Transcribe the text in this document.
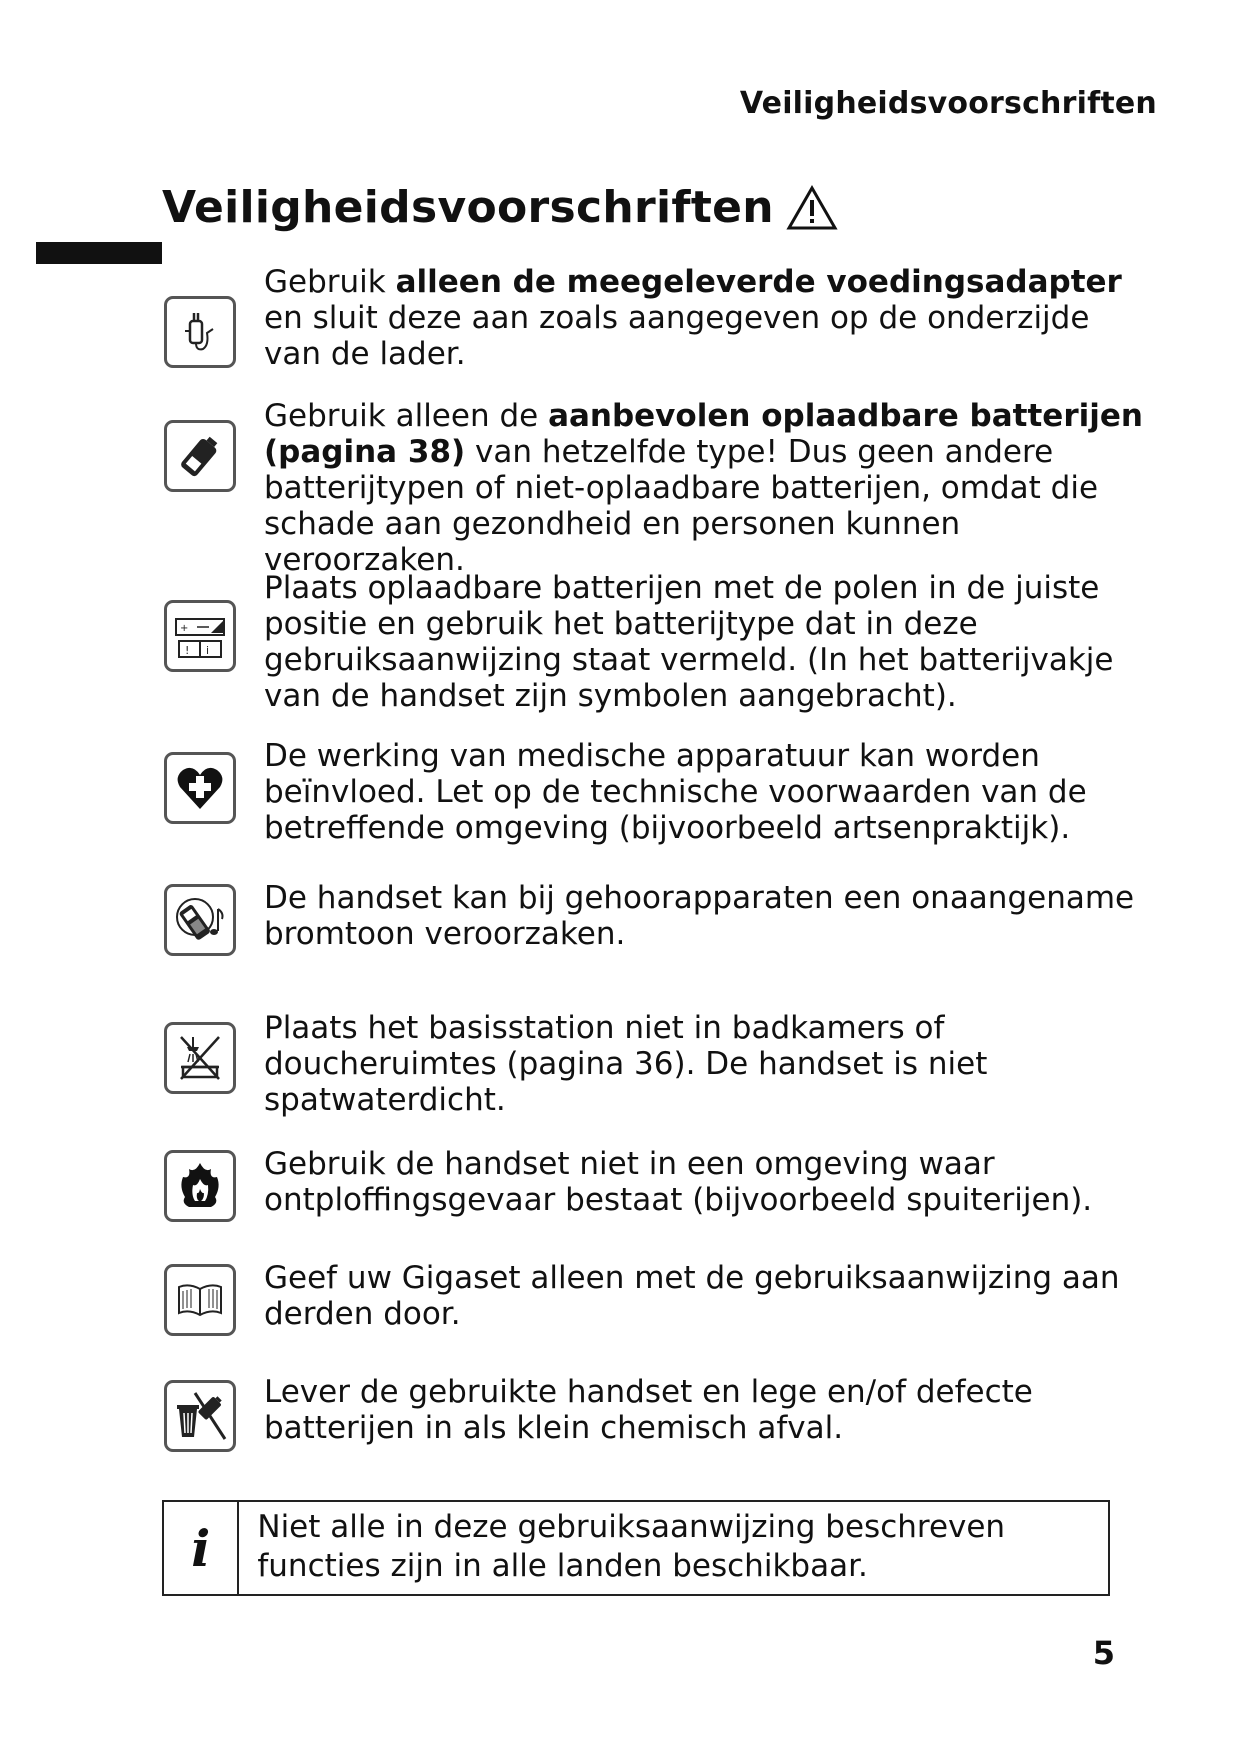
Veiligheidsvoorschriften
Veiligheidsvoorschriften
Gebruik alleen de meegeleverde voedingsadapter en sluit deze aan zoals aangegeven op de onderzijde van de lader.
Gebruik alleen de aanbevolen oplaadbare batterijen (pagina 38) van hetzelfde type! Dus geen andere batterijtypen of niet-oplaadbare batterijen, omdat die schade aan gezondheid en personen kunnen veroorzaken.
+
! i
Plaats oplaadbare batterijen met de polen in de juiste positie en gebruik het batterijtype dat in deze gebruiksaanwijzing staat vermeld. (In het batterijvakje van de handset zijn symbolen aangebracht).
De werking van medische apparatuur kan worden beïnvloed. Let op de technische voorwaarden van de betreffende omgeving (bijvoorbeeld artsenpraktijk).
De handset kan bij gehoorapparaten een onaangename bromtoon veroorzaken.
Plaats het basisstation niet in badkamers of doucheruimtes (pagina 36). De handset is niet spatwaterdicht.
Gebruik de handset niet in een omgeving waar ontploffingsgevaar bestaat (bijvoorbeeld spuiterijen).
Geef uw Gigaset alleen met de gebruiksaanwijzing aan derden door.
Lever de gebruikte handset en lege en/of defecte batterijen in als klein chemisch afval.
i	Niet alle in deze gebruiksaanwijzing beschreven functies zijn in alle landen beschikbaar.
5
